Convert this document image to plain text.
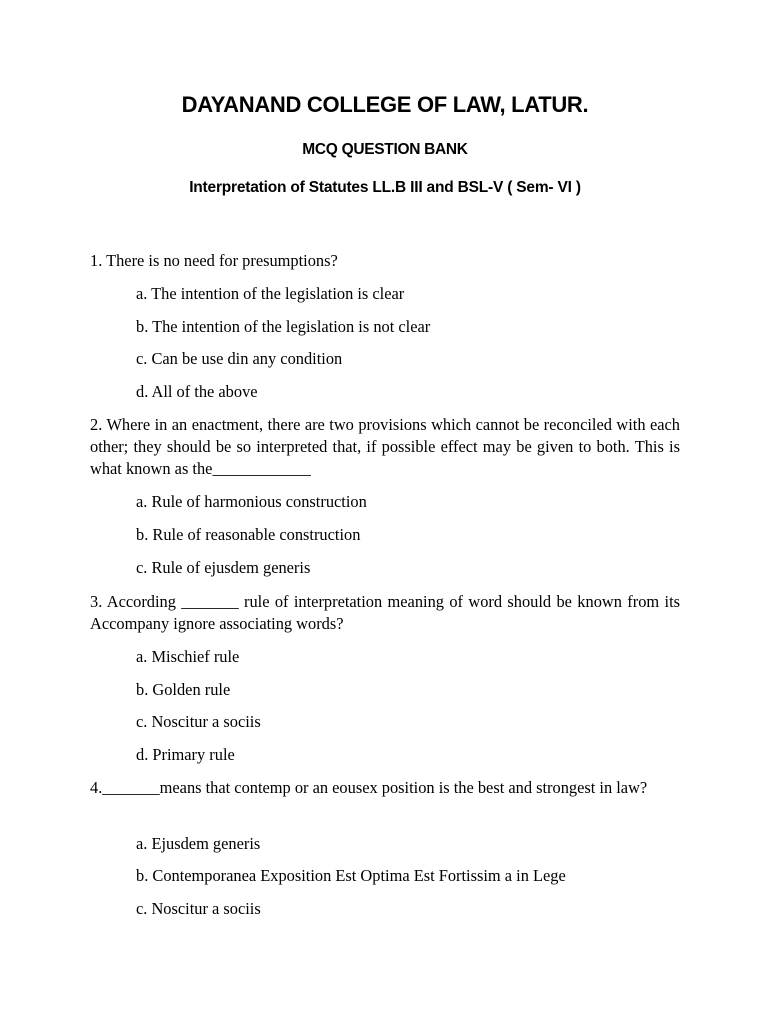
DAYANAND COLLEGE OF LAW, LATUR.
MCQ QUESTION BANK
Interpretation of Statutes LL.B III and BSL-V ( Sem- VI )
1. There is no need for presumptions?
a. The intention of the legislation is clear
b. The intention of the legislation is not clear
c. Can be use din any condition
d. All of the above
2. Where in an enactment, there are two provisions which cannot be reconciled with each other; they should be so interpreted that, if possible effect may be given to both. This is what known as the____________
a. Rule of harmonious construction
b. Rule of reasonable construction
c. Rule of ejusdem generis
3. According _______ rule of interpretation meaning of word should be known from its Accompany ignore associating words?
a. Mischief rule
b. Golden rule
c. Noscitur a sociis
d. Primary rule
4._______means that contemp or an eousex position is the best and strongest in law?
a. Ejusdem generis
b. Contemporanea Exposition Est Optima Est Fortissim a in Lege
c. Noscitur a sociis
